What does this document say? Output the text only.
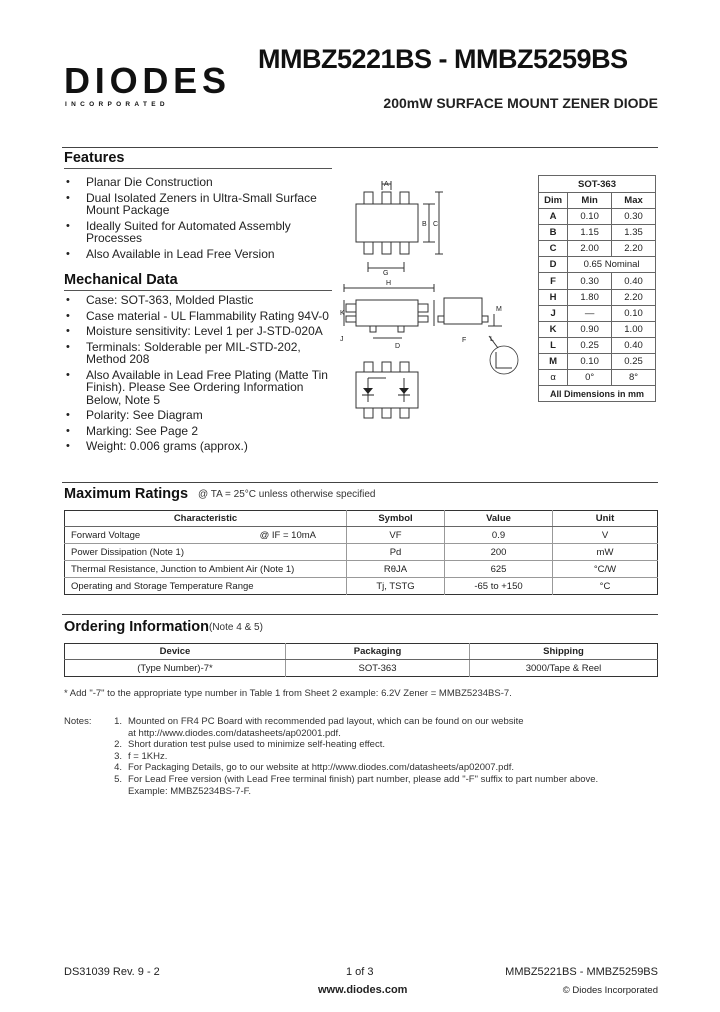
DIODES
INCORPORATED
MMBZ5221BS - MMBZ5259BS
200mW SURFACE MOUNT ZENER DIODE
Features
• Planar Die Construction
• Dual Isolated Zeners in Ultra-Small Surface Mount Package
• Ideally Suited for Automated Assembly Processes
• Also Available in Lead Free Version
Mechanical Data
• Case: SOT-363, Molded Plastic
• Case material - UL Flammability Rating 94V-0
• Moisture sensitivity: Level 1 per J-STD-020A
• Terminals: Solderable per MIL-STD-202, Method 208
• Also Available in Lead Free Plating (Matte Tin Finish). Please See Ordering Information Below, Note 5
• Polarity: See Diagram
• Marking: See Page 2
• Weight: 0.006 grams (approx.)
A
B C
G
H
K
J
D
L
M
F
SOT-363		
Dim	Min	Max
A	0.10	0.30
B	1.15	1.35
C	2.00	2.20
D	0.65 Nominal	
F	0.30	0.40
H	1.80	2.20
J	—	0.10
K	0.90	1.00
L	0.25	0.40
M	0.10	0.25
α	0°	8°
All Dimensions in mm		
Maximum Ratings @ TA = 25°C unless otherwise specified
Characteristic	Symbol	Value	Unit
Forward Voltage @ IF = 10mA	VF	0.9	V
Power Dissipation (Note 1)	Pd	200	mW
Thermal Resistance, Junction to Ambient Air (Note 1)	RθJA	625	°C/W
Operating and Storage Temperature Range	Tj, TSTG	-65 to +150	°C
Ordering Information (Note 4 & 5)
Device	Packaging	Shipping
(Type Number)-7*	SOT-363	3000/Tape & Reel
* Add "-7" to the appropriate type number in Table 1 from Sheet 2 example: 6.2V Zener = MMBZ5234BS-7.
Notes:	1. Mounted on FR4 PC Board with recommended pad layout, which can be found on our website
at http://www.diodes.com/datasheets/ap02001.pdf.
2. Short duration test pulse used to minimize self-heating effect.
3. f = 1KHz.
4. For Packaging Details, go to our website at http://www.diodes.com/datasheets/ap02007.pdf.
5. For Lead Free version (with Lead Free terminal finish) part number, please add "-F" suffix to part number above.
Example: MMBZ5234BS-7-F.
DS31039 Rev. 9 - 2	1 of 3
www.diodes.com
MMBZ5221BS - MMBZ5259BS
© Diodes Incorporated
